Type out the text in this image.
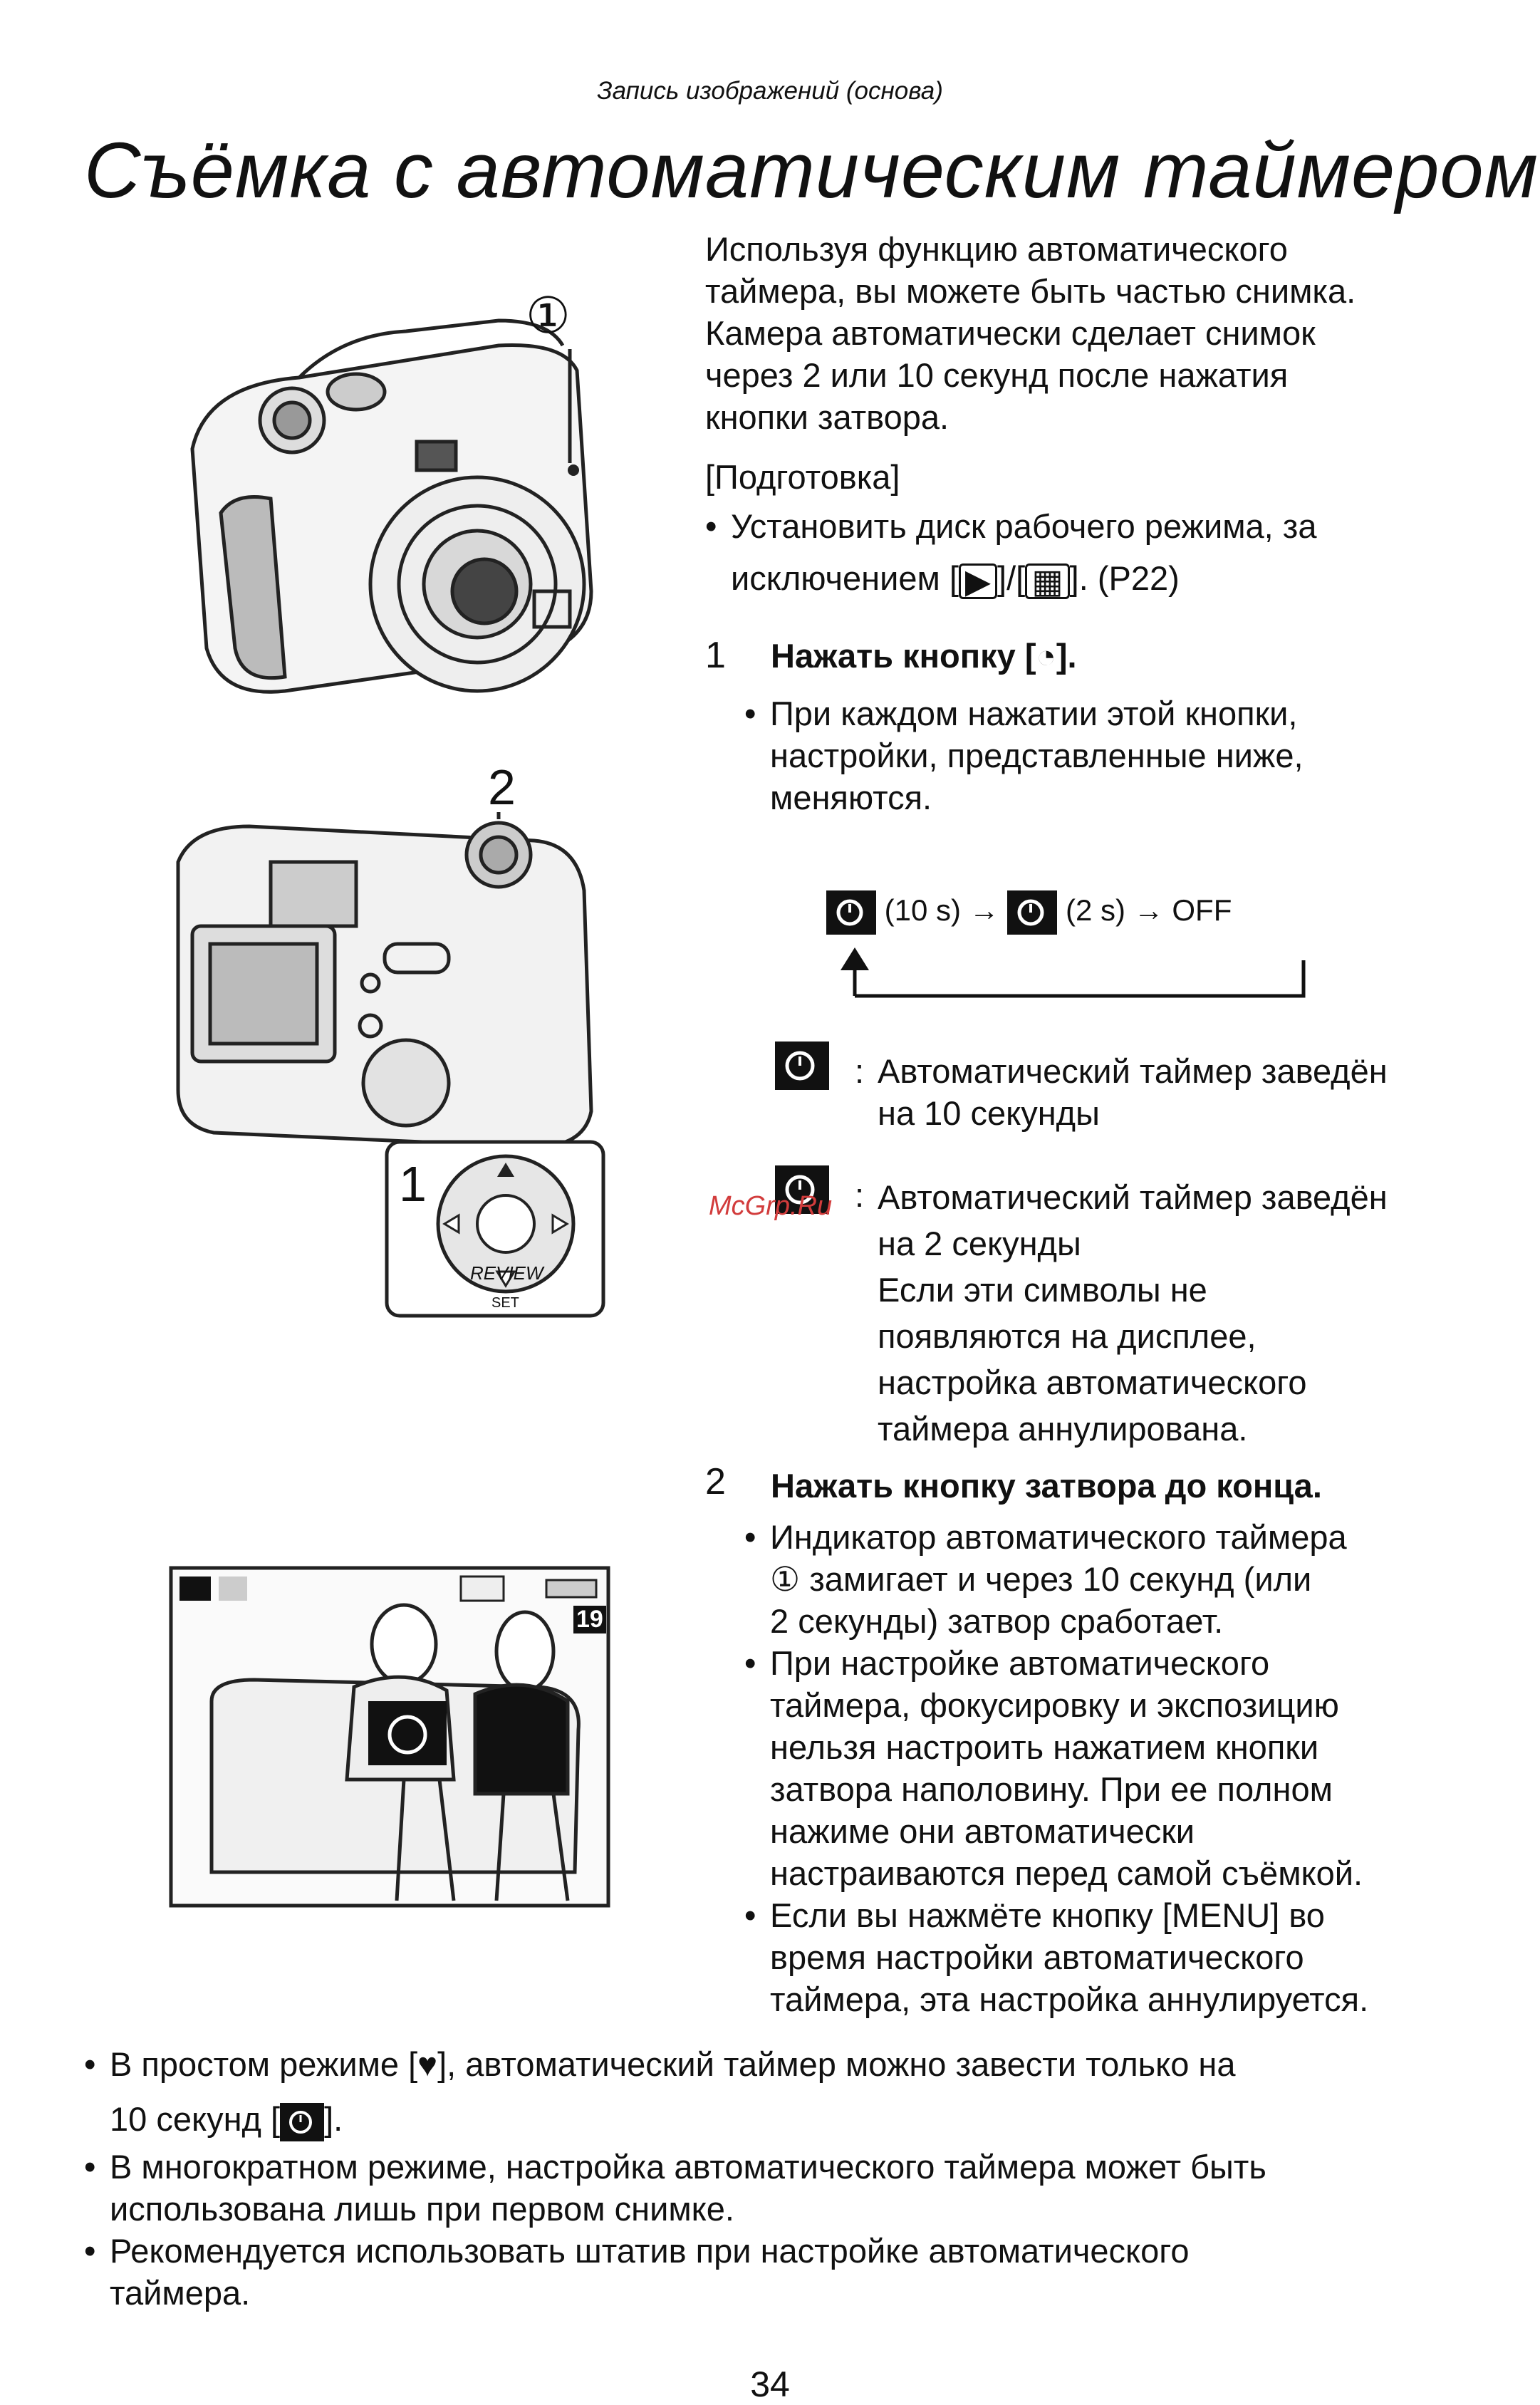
Запись изображений (основа)
Съёмка с автоматическим таймером
①
2
1
REVIEW
SET
19
Используя функцию автоматического
таймера, вы можете быть частью снимка.
Камера автоматически сделает снимок
через 2 или 10 секунд после нажатия
кнопки затвора.
[Подготовка]
• Установить диск рабочего режима, за
исключением [ ▶ ]/[ ▦ ]. (P22)
1 Нажать кнопку [◔].
• При каждом нажатии этой кнопки,
настройки, представленные ниже,
меняются.
(10 s) → (2 s) → OFF
: Автоматический таймер заведён
на 10 секунды
McGrp.Ru : Автоматический таймер заведён
на 2 секунды
Если эти символы не
появляются на дисплее,
настройка автоматического
таймера аннулирована.
2 Нажать кнопку затвора до конца.
• Индикатор автоматического таймера
① замигает и через 10 секунд (или
2 секунды) затвор сработает.
• При настройке автоматического
таймера, фокусировку и экспозицию
нельзя настроить нажатием кнопки
затвора наполовину. При ее полном
нажиме они автоматически
настраиваются перед самой съёмкой.
• Если вы нажмёте кнопку [MENU] во
время настройки автоматического
таймера, эта настройка аннулируется.
• В простом режиме [♥], автоматический таймер можно завести только на
10 секунд [ ].
• В многократном режиме, настройка автоматического таймера может быть
использована лишь при первом снимке.
• Рекомендуется использовать штатив при настройке автоматического
таймера.
34
